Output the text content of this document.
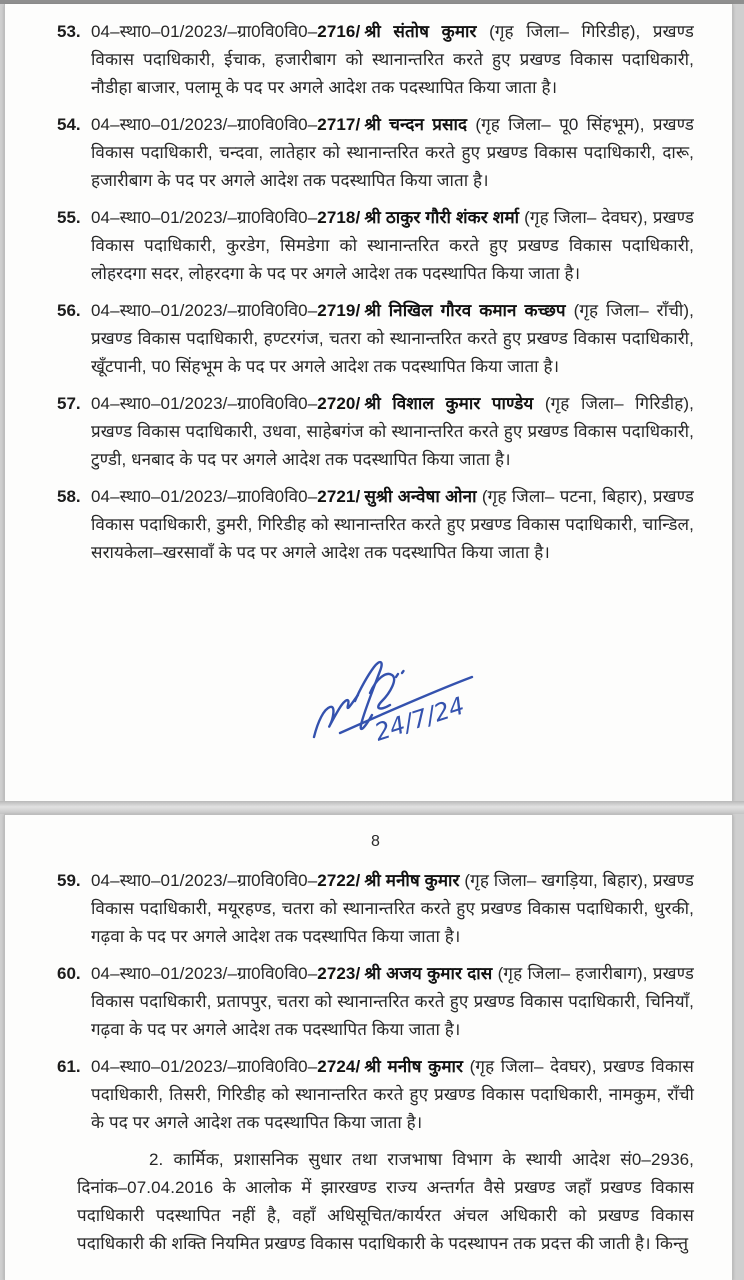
53. 04–स्था0–01/2023/–ग्रा0वि0वि0–2716/ श्री संतोष कुमार (गृह जिला– गिरिडीह), प्रखण्ड विकास पदाधिकारी, ईचाक, हजारीबाग को स्थानान्तरित करते हुए प्रखण्ड विकास पदाधिकारी, नौडीहा बाजार, पलामू के पद पर अगले आदेश तक पदस्थापित किया जाता है।
54. 04–स्था0–01/2023/–ग्रा0वि0वि0–2717/ श्री चन्दन प्रसाद (गृह जिला– पू0 सिंहभूम), प्रखण्ड विकास पदाधिकारी, चन्दवा, लातेहार को स्थानान्तरित करते हुए प्रखण्ड विकास पदाधिकारी, दारू, हजारीबाग के पद पर अगले आदेश तक पदस्थापित किया जाता है।
55. 04–स्था0–01/2023/–ग्रा0वि0वि0–2718/ श्री ठाकुर गौरी शंकर शर्मा (गृह जिला– देवघर), प्रखण्ड विकास पदाधिकारी, कुरडेग, सिमडेगा को स्थानान्तरित करते हुए प्रखण्ड विकास पदाधिकारी, लोहरदगा सदर, लोहरदगा के पद पर अगले आदेश तक पदस्थापित किया जाता है।
56. 04–स्था0–01/2023/–ग्रा0वि0वि0–2719/ श्री निखिल गौरव कमान कच्छप (गृह जिला– राँची), प्रखण्ड विकास पदाधिकारी, हण्टरगंज, चतरा को स्थानान्तरित करते हुए प्रखण्ड विकास पदाधिकारी, खूँटपानी, प0 सिंहभूम के पद पर अगले आदेश तक पदस्थापित किया जाता है।
57. 04–स्था0–01/2023/–ग्रा0वि0वि0–2720/ श्री विशाल कुमार पाण्डेय (गृह जिला– गिरिडीह), प्रखण्ड विकास पदाधिकारी, उधवा, साहेबगंज को स्थानान्तरित करते हुए प्रखण्ड विकास पदाधिकारी, टुण्डी, धनबाद के पद पर अगले आदेश तक पदस्थापित किया जाता है।
58. 04–स्था0–01/2023/–ग्रा0वि0वि0–2721/ सुश्री अन्वेषा ओना (गृह जिला– पटना, बिहार), प्रखण्ड विकास पदाधिकारी, डुमरी, गिरिडीह को स्थानान्तरित करते हुए प्रखण्ड विकास पदाधिकारी, चान्डिल, सरायकेला–खरसावाँ के पद पर अगले आदेश तक पदस्थापित किया जाता है।
24/7/24
8
59. 04–स्था0–01/2023/–ग्रा0वि0वि0–2722/ श्री मनीष कुमार (गृह जिला– खगड़िया, बिहार), प्रखण्ड विकास पदाधिकारी, मयूरहण्ड, चतरा को स्थानान्तरित करते हुए प्रखण्ड विकास पदाधिकारी, धुरकी, गढ़वा के पद पर अगले आदेश तक पदस्थापित किया जाता है।
60. 04–स्था0–01/2023/–ग्रा0वि0वि0–2723/ श्री अजय कुमार दास (गृह जिला– हजारीबाग), प्रखण्ड विकास पदाधिकारी, प्रतापपुर, चतरा को स्थानान्तरित करते हुए प्रखण्ड विकास पदाधिकारी, चिनियाँ, गढ़वा के पद पर अगले आदेश तक पदस्थापित किया जाता है।
61. 04–स्था0–01/2023/–ग्रा0वि0वि0–2724/ श्री मनीष कुमार (गृह जिला– देवघर), प्रखण्ड विकास पदाधिकारी, तिसरी, गिरिडीह को स्थानान्तरित करते हुए प्रखण्ड विकास पदाधिकारी, नामकुम, राँची के पद पर अगले आदेश तक पदस्थापित किया जाता है।

2. कार्मिक, प्रशासनिक सुधार तथा राजभाषा विभाग के स्थायी आदेश सं0–2936, दिनांक–07.04.2016 के आलोक में झारखण्ड राज्य अन्तर्गत वैसे प्रखण्ड जहाँ प्रखण्ड विकास पदाधिकारी पदस्थापित नहीं है, वहाँ अधिसूचित/कार्यरत अंचल अधिकारी को प्रखण्ड विकास पदाधिकारी की शक्ति नियमित प्रखण्ड विकास पदाधिकारी के पदस्थापन तक प्रदत्त की जाती है। किन्तु
